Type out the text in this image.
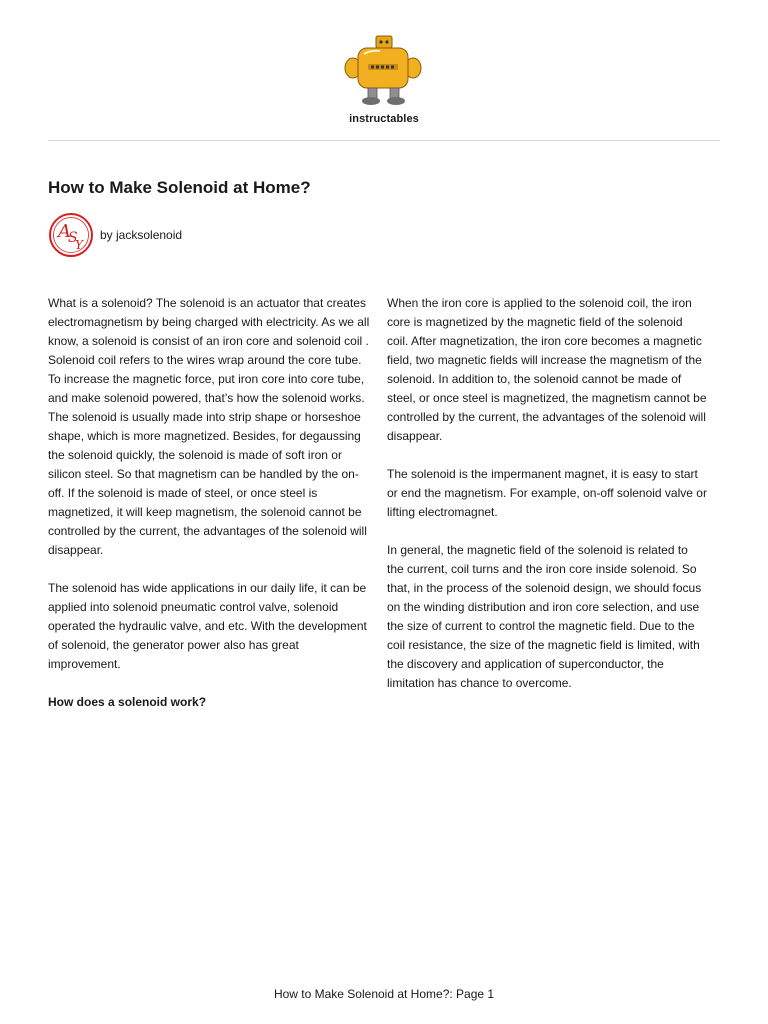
instructables
How to Make Solenoid at Home?
A
S
Y
by jacksolenoid

What is a solenoid? The solenoid is an actuator that creates electromagnetism by being charged with electricity. As we all know, a solenoid is consist of an iron core and solenoid coil . Solenoid coil refers to the wires wrap around the core tube. To increase the magnetic force, put iron core into core tube, and make solenoid powered, that’s how the solenoid works. The solenoid is usually made into strip shape or horseshoe shape, which is more magnetized. Besides, for degaussing the solenoid quickly, the solenoid is made of soft iron or silicon steel. So that magnetism can be handled by the on-off. If the solenoid is made of steel, or once steel is magnetized, it will keep magnetism, the solenoid cannot be controlled by the current, the advantages of the solenoid will disappear.

The solenoid has wide applications in our daily life, it can be applied into solenoid pneumatic control valve, solenoid operated the hydraulic valve, and etc. With the development of solenoid, the generator power also has great improvement.

How does a solenoid work?

When the iron core is applied to the solenoid coil, the iron core is magnetized by the magnetic field of the solenoid coil. After magnetization, the iron core becomes a magnetic field, two magnetic fields will increase the magnetism of the solenoid. In addition to, the solenoid cannot be made of steel, or once steel is magnetized, the magnetism cannot be controlled by the current, the advantages of the solenoid will disappear.

The solenoid is the impermanent magnet, it is easy to start or end the magnetism. For example, on-off solenoid valve or lifting electromagnet.

In general, the magnetic field of the solenoid is related to the current, coil turns and the iron core inside solenoid. So that, in the process of the solenoid design, we should focus on the winding distribution and iron core selection, and use the size of current to control the magnetic field. Due to the coil resistance, the size of the magnetic field is limited, with the discovery and application of superconductor, the limitation has chance to overcome.

How to Make Solenoid at Home?: Page 1
